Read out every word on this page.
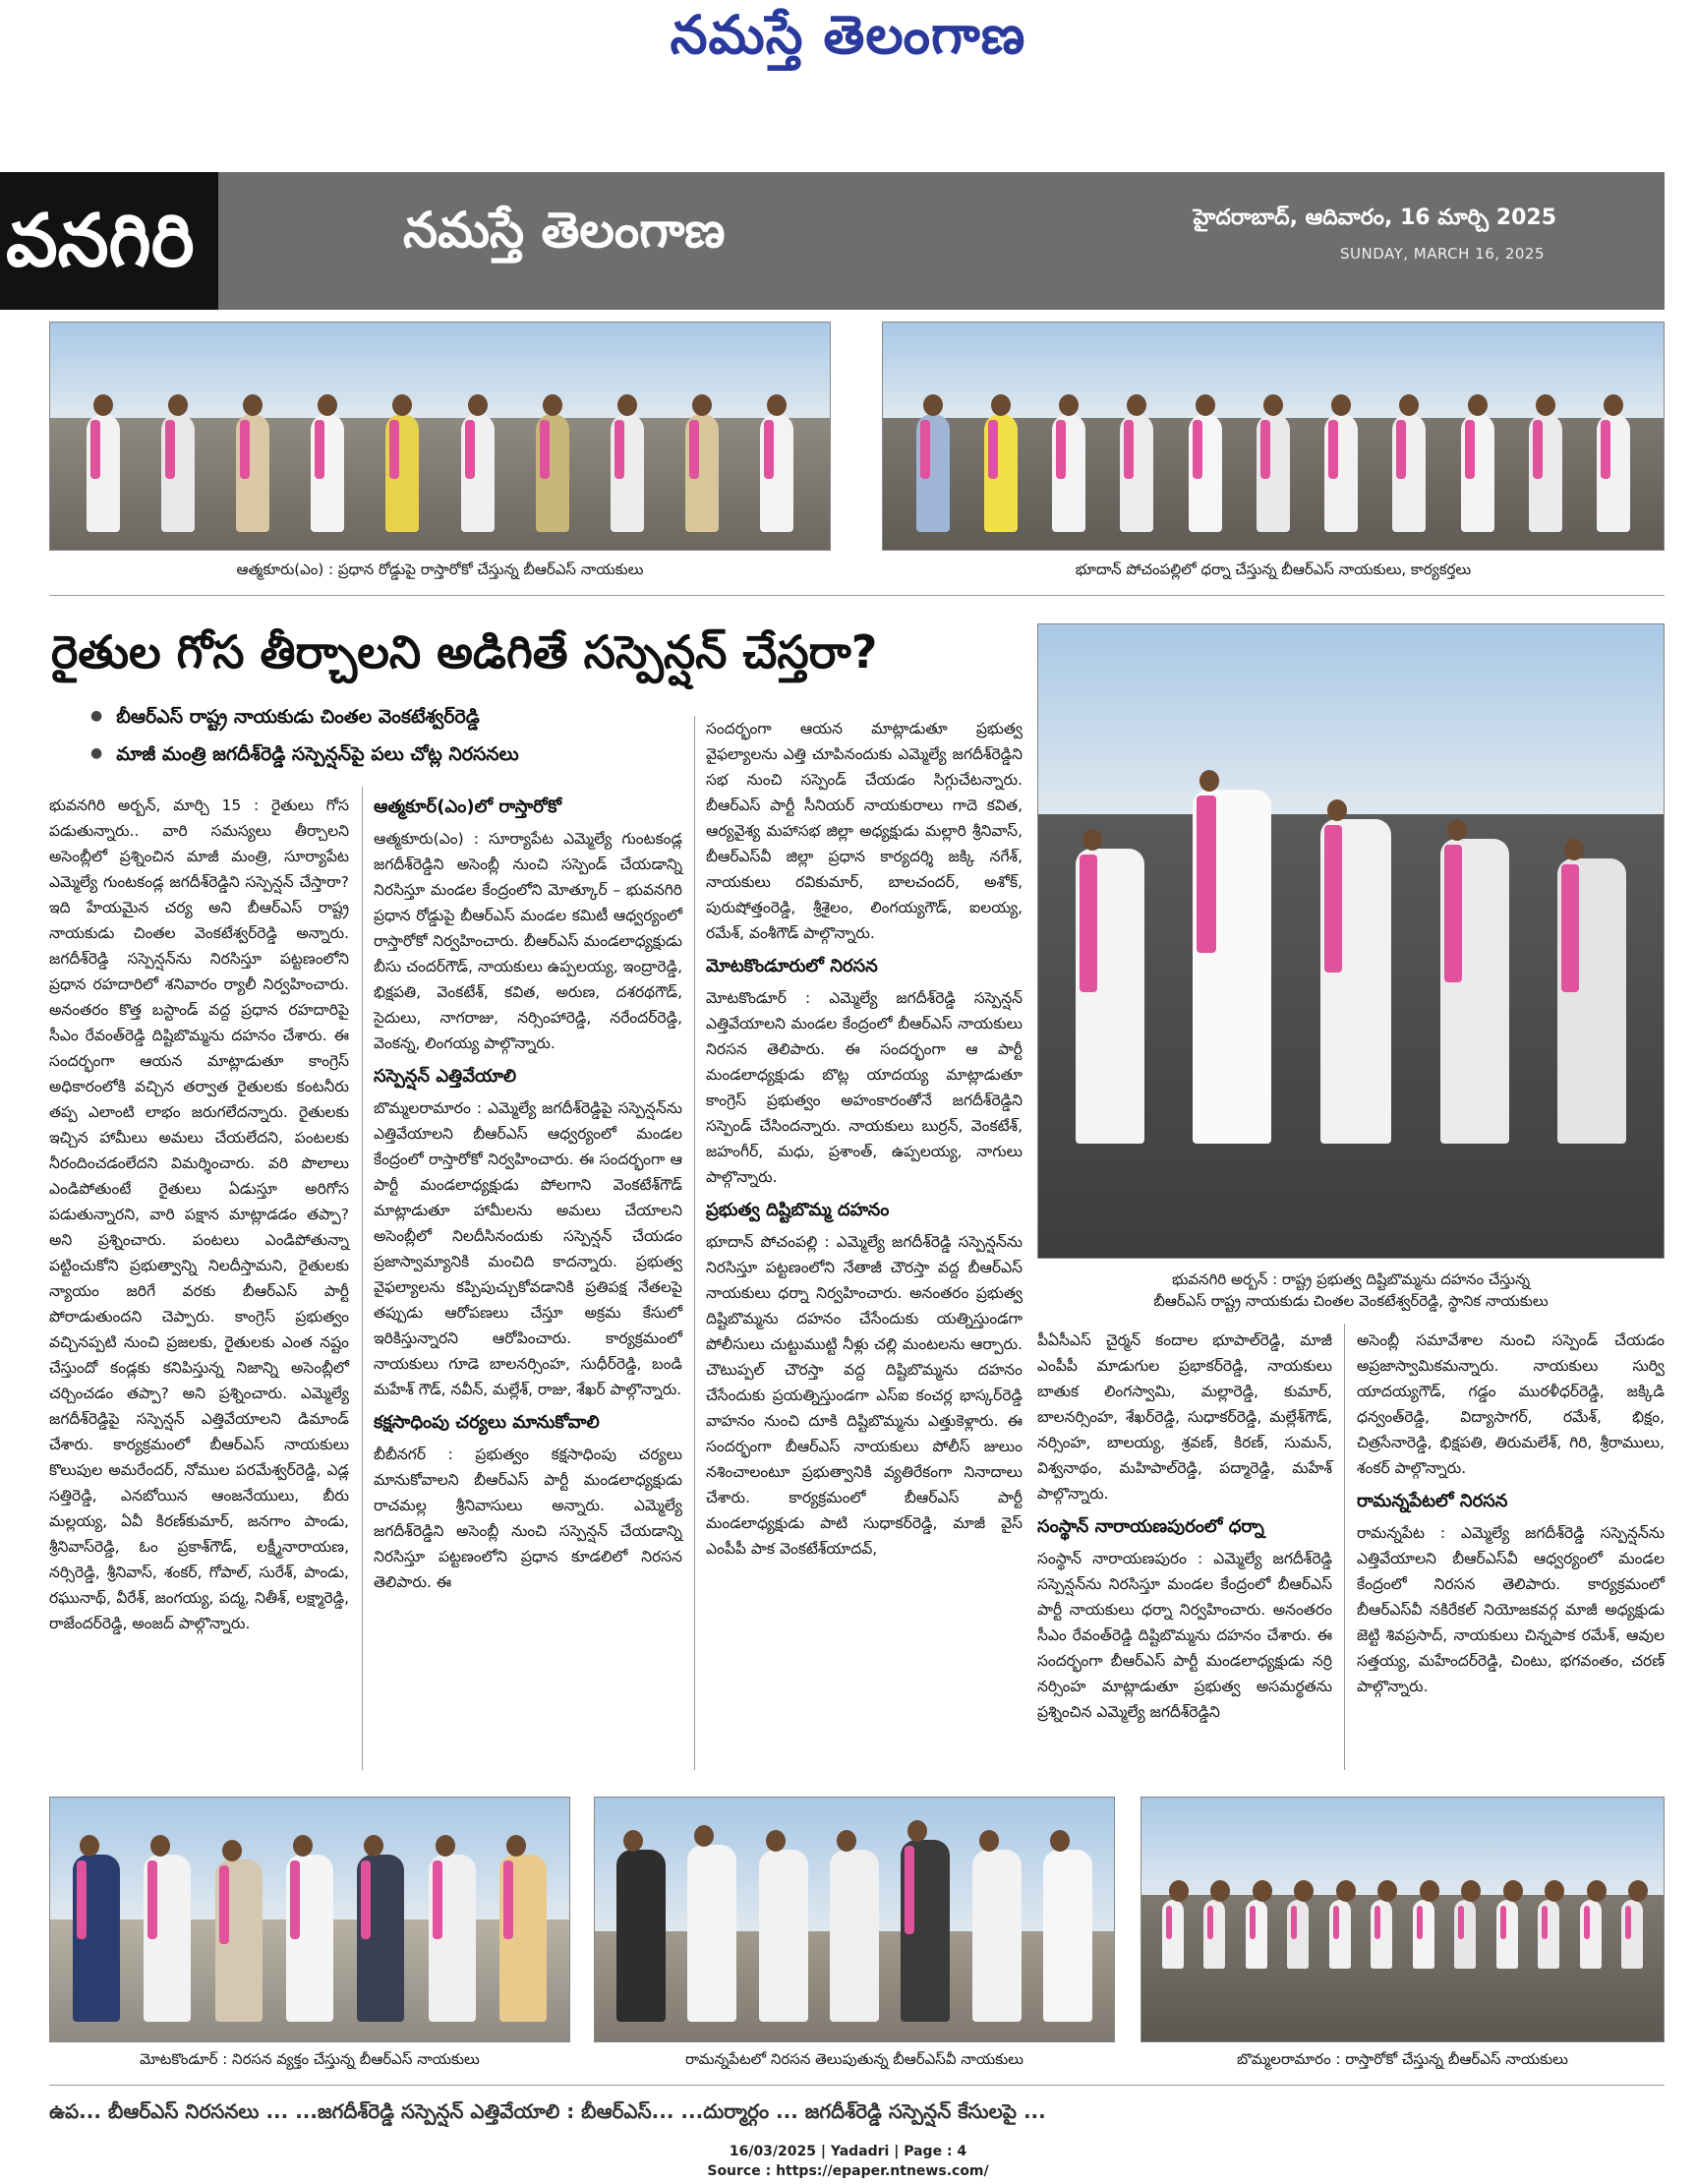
నమస్తే తెలంగాణ
వనగిరి	నమస్తే తెలంగాణ	హైదరాబాద్, ఆదివారం, 16 మార్చి 2025
SUNDAY, MARCH 16, 2025
ఆత్మకూరు(ఎం) : ప్రధాన రోడ్డుపై రాస్తారోకో చేస్తున్న బీఆర్‌ఎస్ నాయకులు	భూదాన్ పోచంపల్లిలో ధర్నా చేస్తున్న బీఆర్‌ఎస్ నాయకులు, కార్యకర్తలు
రైతుల గోస తీర్చాలని అడిగితే సస్పెన్షన్ చేస్తరా?
● బీఆర్‌ఎస్ రాష్ట్ర నాయకుడు చింతల వెంకటేశ్వర్‌రెడ్డి
● మాజీ మంత్రి జగదీశ్‌రెడ్డి సస్పెన్షన్‌పై పలు చోట్ల నిరసనలు
భువనగిరి అర్బన్ : రాష్ట్ర ప్రభుత్వ దిష్టిబొమ్మను దహనం చేస్తున్న
బీఆర్‌ఎస్ రాష్ట్ర నాయకుడు చింతల వెంకటేశ్వర్‌రెడ్డి, స్థానిక నాయకులు

భువనగిరి అర్బన్, మార్చి 15 : రైతులు గోస పడుతున్నారు.. వారి సమస్యలు తీర్చాలని అసెంబ్లీలో ప్రశ్నించిన మాజీ మంత్రి, సూర్యాపేట ఎమ్మెల్యే గుంటకండ్ల జగదీశ్‌రెడ్డిని సస్పెన్షన్ చేస్తారా? ఇది హేయమైన చర్య అని బీఆర్‌ఎస్ రాష్ట్ర నాయకుడు చింతల వెంకటేశ్వర్‌రెడ్డి అన్నారు. జగదీశ్‌రెడ్డి సస్పెన్షన్‌ను నిరసిస్తూ పట్టణంలోని ప్రధాన రహదారిలో శనివారం ర్యాలీ నిర్వహించారు. అనంతరం కొత్త బస్టాండ్ వద్ద ప్రధాన రహదారిపై సీఎం రేవంత్‌రెడ్డి దిష్టిబొమ్మను దహనం చేశారు. ఈ సందర్భంగా ఆయన మాట్లాడుతూ కాంగ్రెస్ అధికారంలోకి వచ్చిన తర్వాత రైతులకు కంటనీరు తప్ప ఎలాంటి లాభం జరుగలేదన్నారు. రైతులకు ఇచ్చిన హామీలు అమలు చేయలేదని, పంటలకు నీరందించడంలేదని విమర్శించారు. వరి పొలాలు ఎండిపోతుంటే రైతులు ఏడుస్తూ అరిగోస పడుతున్నారని, వారి పక్షాన మాట్లాడడం తప్పా? అని ప్రశ్నించారు. పంటలు ఎండిపోతున్నా పట్టించుకోని ప్రభుత్వాన్ని నిలదీస్తామని, రైతులకు న్యాయం జరిగే వరకు బీఆర్‌ఎస్ పార్టీ పోరాడుతుందని చెప్పారు. కాంగ్రెస్ ప్రభుత్వం వచ్చినప్పటి నుంచి ప్రజలకు, రైతులకు ఎంత నష్టం చేస్తుందో కండ్లకు కనిపిస్తున్న నిజాన్ని అసెంబ్లీలో చర్చించడం తప్పా? అని ప్రశ్నించారు. ఎమ్మెల్యే జగదీశ్‌రెడ్డిపై సస్పెన్షన్ ఎత్తివేయాలని డిమాండ్ చేశారు. కార్యక్రమంలో బీఆర్‌ఎస్ నాయకులు కొలుపుల అమరేందర్, నోముల పరమేశ్వర్‌రెడ్డి, ఎడ్ల సత్తిరెడ్డి, ఎనబోయిన ఆంజనేయులు, బీరు మల్లయ్య, ఏవీ కిరణ్‌కుమార్, జనగాం పాండు, శ్రీనివాస్‌రెడ్డి, ఓం ప్రకాశ్‌గౌడ్, లక్ష్మీనారాయణ, నర్సిరెడ్డి, శ్రీనివాస్, శంకర్, గోపాల్, సురేశ్, పాండు, రఘునాథ్, వీరేశ్, జంగయ్య, పద్మ, నితీశ్, లక్ష్మారెడ్డి, రాజేందర్‌రెడ్డి, అంజద్ పాల్గొన్నారు.

ఆత్మకూర్(ఎం)లో రాస్తారోకో

ఆత్మకూరు(ఎం) : సూర్యాపేట ఎమ్మెల్యే గుంటకండ్ల జగదీశ్‌రెడ్డిని అసెంబ్లీ నుంచి సస్పెండ్ చేయడాన్ని నిరసిస్తూ మండల కేంద్రంలోని మోత్కూర్ – భువనగిరి ప్రధాన రోడ్డుపై బీఆర్‌ఎస్ మండల కమిటీ ఆధ్వర్యంలో రాస్తారోకో నిర్వహించారు. బీఆర్‌ఎస్ మండలాధ్యక్షుడు బీసు చందర్‌గౌడ్, నాయకులు ఉప్పలయ్య, ఇంద్రారెడ్డి, భిక్షపతి, వెంకటేశ్, కవిత, అరుణ, దశరథగౌడ్, సైదులు, నాగరాజు, నర్సింహారెడ్డి, నరేందర్‌రెడ్డి, వెంకన్న, లింగయ్య పాల్గొన్నారు.

సస్పెన్షన్ ఎత్తివేయాలి

బొమ్మలరామారం : ఎమ్మెల్యే జగదీశ్‌రెడ్డిపై సస్పెన్షన్‌ను ఎత్తివేయాలని బీఆర్‌ఎస్ ఆధ్వర్యంలో మండల కేంద్రంలో రాస్తారోకో నిర్వహించారు. ఈ సందర్భంగా ఆ పార్టీ మండలాధ్యక్షుడు పోలగాని వెంకటేశ్‌గౌడ్ మాట్లాడుతూ హామీలను అమలు చేయాలని అసెంబ్లీలో నిలదీసినందుకు సస్పెన్షన్ చేయడం ప్రజాస్వామ్యానికి మంచిది కాదన్నారు. ప్రభుత్వ వైఫల్యాలను కప్పిపుచ్చుకోవడానికి ప్రతిపక్ష నేతలపై తప్పుడు ఆరోపణలు చేస్తూ అక్రమ కేసులో ఇరికిస్తున్నారని ఆరోపించారు. కార్యక్రమంలో నాయకులు గూడె బాలనర్సింహ, సుధీర్‌రెడ్డి, బండి మహేశ్ గౌడ్, నవీన్, మల్లేశ్, రాజు, శేఖర్ పాల్గొన్నారు.

కక్షసాధింపు చర్యలు మానుకోవాలి

బీబీనగర్ : ప్రభుత్వం కక్షసాధింపు చర్యలు మానుకోవాలని బీఆర్‌ఎస్ పార్టీ మండలాధ్యక్షుడు రాచమల్ల శ్రీనివాసులు అన్నారు. ఎమ్మెల్యే జగదీశ్‌రెడ్డిని అసెంబ్లీ నుంచి సస్పెన్షన్ చేయడాన్ని నిరసిస్తూ పట్టణంలోని ప్రధాన కూడలిలో నిరసన తెలిపారు. ఈ

సందర్భంగా ఆయన మాట్లాడుతూ ప్రభుత్వ వైఫల్యాలను ఎత్తి చూపినందుకు ఎమ్మెల్యే జగదీశ్‌రెడ్డిని సభ నుంచి సస్పెండ్ చేయడం సిగ్గుచేటన్నారు. బీఆర్‌ఎస్ పార్టీ సీనియర్ నాయకురాలు గాదె కవిత, ఆర్యవైశ్య మహాసభ జిల్లా అధ్యక్షుడు మల్లారి శ్రీనివాస్, బీఆర్‌ఎస్‌వీ జిల్లా ప్రధాన కార్యదర్శి జక్కి నగేశ్, నాయకులు రవికుమార్, బాలచందర్, అశోక్, పురుషోత్తంరెడ్డి, శ్రీశైలం, లింగయ్యగౌడ్, ఐలయ్య, రమేశ్, వంశీగౌడ్ పాల్గొన్నారు.

మోటకొండూరులో నిరసన

మోటకొండూర్ : ఎమ్మెల్యే జగదీశ్‌రెడ్డి సస్పెన్షన్ ఎత్తివేయాలని మండల కేంద్రంలో బీఆర్‌ఎస్ నాయకులు నిరసన తెలిపారు. ఈ సందర్భంగా ఆ పార్టీ మండలాధ్యక్షుడు బొట్ల యాదయ్య మాట్లాడుతూ కాంగ్రెస్ ప్రభుత్వం అహంకారంతోనే జగదీశ్‌రెడ్డిని సస్పెండ్ చేసిందన్నారు. నాయకులు బుర్రన్, వెంకటేశ్, జహంగీర్, మధు, ప్రశాంత్, ఉప్పలయ్య, నాగులు పాల్గొన్నారు.

ప్రభుత్వ దిష్టిబొమ్మ దహనం

భూదాన్ పోచంపల్లి : ఎమ్మెల్యే జగదీశ్‌రెడ్డి సస్పెన్షన్‌ను నిరసిస్తూ పట్టణంలోని నేతాజీ చౌరస్తా వద్ద బీఆర్‌ఎస్ నాయకులు ధర్నా నిర్వహించారు. అనంతరం ప్రభుత్వ దిష్టిబొమ్మను దహనం చేసేందుకు యత్నిస్తుండగా పోలీసులు చుట్టుముట్టి నీళ్లు చల్లి మంటలను ఆర్పారు. చౌటుప్పల్ చౌరస్తా వద్ద దిష్టిబొమ్మను దహనం చేసేందుకు ప్రయత్నిస్తుండగా ఎస్‌ఐ కంచర్ల భాస్కర్‌రెడ్డి వాహనం నుంచి దూకి దిష్టిబొమ్మను ఎత్తుకెళ్లారు. ఈ సందర్భంగా బీఆర్‌ఎస్ నాయకులు పోలీస్ జులుం నశించాలంటూ ప్రభుత్వానికి వ్యతిరేకంగా నినాదాలు చేశారు. కార్యక్రమంలో బీఆర్‌ఎస్ పార్టీ మండలాధ్యక్షుడు పాటి సుధాకర్‌రెడ్డి, మాజీ వైస్ ఎంపీపీ పాక వెంకటేశ్‌యాదవ్,

పీఏసీఎస్ చైర్మన్ కందాల భూపాల్‌రెడ్డి, మాజీ ఎంపీపీ మాడుగుల ప్రభాకర్‌రెడ్డి, నాయకులు బాతుక లింగస్వామి, మల్లారెడ్డి, కుమార్, బాలనర్సింహ, శేఖర్‌రెడ్డి, సుధాకర్‌రెడ్డి, మల్లేశ్‌గౌడ్, నర్సింహ, బాలయ్య, శ్రవణ్, కిరణ్, సుమన్, విశ్వనాథం, మహిపాల్‌రెడ్డి, పద్మారెడ్డి, మహేశ్ పాల్గొన్నారు.

సంస్థాన్ నారాయణపురంలో ధర్నా

సంస్థాన్ నారాయణపురం : ఎమ్మెల్యే జగదీశ్‌రెడ్డి సస్పెన్షన్‌ను నిరసిస్తూ మండల కేంద్రంలో బీఆర్‌ఎస్ పార్టీ నాయకులు ధర్నా నిర్వహించారు. అనంతరం సీఎం రేవంత్‌రెడ్డి దిష్టిబొమ్మను దహనం చేశారు. ఈ సందర్భంగా బీఆర్‌ఎస్ పార్టీ మండలాధ్యక్షుడు నర్రి నర్సింహ మాట్లాడుతూ ప్రభుత్వ అసమర్థతను ప్రశ్నించిన ఎమ్మెల్యే జగదీశ్‌రెడ్డిని

అసెంబ్లీ సమావేశాల నుంచి సస్పెండ్ చేయడం అప్రజాస్వామికమన్నారు. నాయకులు సుర్వి యాదయ్యగౌడ్, గడ్డం మురళీధర్‌రెడ్డి, జక్కిడి ధన్వంత్‌రెడ్డి, విద్యాసాగర్, రమేశ్, భిక్షం, చిత్రసేనారెడ్డి, భిక్షపతి, తిరుమలేశ్, గిరి, శ్రీరాములు, శంకర్ పాల్గొన్నారు.

రామన్నపేటలో నిరసన

రామన్నపేట : ఎమ్మెల్యే జగదీశ్‌రెడ్డి సస్పెన్షన్‌ను ఎత్తివేయాలని బీఆర్‌ఎస్‌వీ ఆధ్వర్యంలో మండల కేంద్రంలో నిరసన తెలిపారు. కార్యక్రమంలో బీఆర్‌ఎస్‌వీ నకిరేకల్ నియోజకవర్గ మాజీ అధ్యక్షుడు జెట్టి శివప్రసాద్, నాయకులు చిన్నపాక రమేశ్, ఆవుల సత్తయ్య, మహేందర్‌రెడ్డి, చింటు, భగవంతం, చరణ్ పాల్గొన్నారు.

మోటకొండూర్ : నిరసన వ్యక్తం చేస్తున్న బీఆర్‌ఎస్ నాయకులు	రామన్నపేటలో నిరసన తెలుపుతున్న బీఆర్‌ఎస్‌వీ నాయకులు	బొమ్మలరామారం : రాస్తారోకో చేస్తున్న బీఆర్‌ఎస్ నాయకులు
ఉప... బీఆర్‌ఎస్ నిరసనలు ... ...జగదీశ్‌రెడ్డి సస్పెన్షన్ ఎత్తివేయాలి : బీఆర్‌ఎస్... ...దుర్మార్గం ... జగదీశ్‌రెడ్డి సస్పెన్షన్ కేసులపై ...
16/03/2025 | Yadadri | Page : 4
Source : https://epaper.ntnews.com/
